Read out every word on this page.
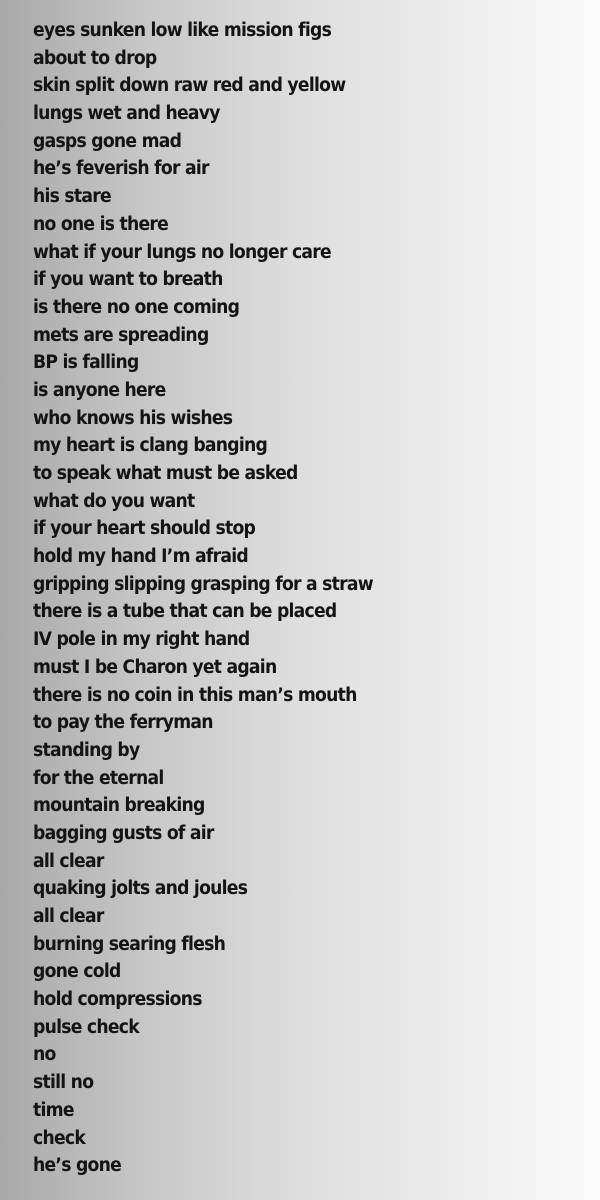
eyes sunken low like mission figs
about to drop
skin split down raw red and yellow
lungs wet and heavy
gasps gone mad
he’s feverish for air
his stare
no one is there
what if your lungs no longer care
if you want to breath
is there no one coming
mets are spreading
BP is falling
is anyone here
who knows his wishes
my heart is clang banging
to speak what must be asked
what do you want
if your heart should stop
hold my hand I’m afraid
gripping slipping grasping for a straw
there is a tube that can be placed
IV pole in my right hand
must I be Charon yet again
there is no coin in this man’s mouth
to pay the ferryman
standing by
for the eternal
mountain breaking
bagging gusts of air
all clear
quaking jolts and joules
all clear
burning searing flesh
gone cold
hold compressions
pulse check
no
still no
time
check
he’s gone
